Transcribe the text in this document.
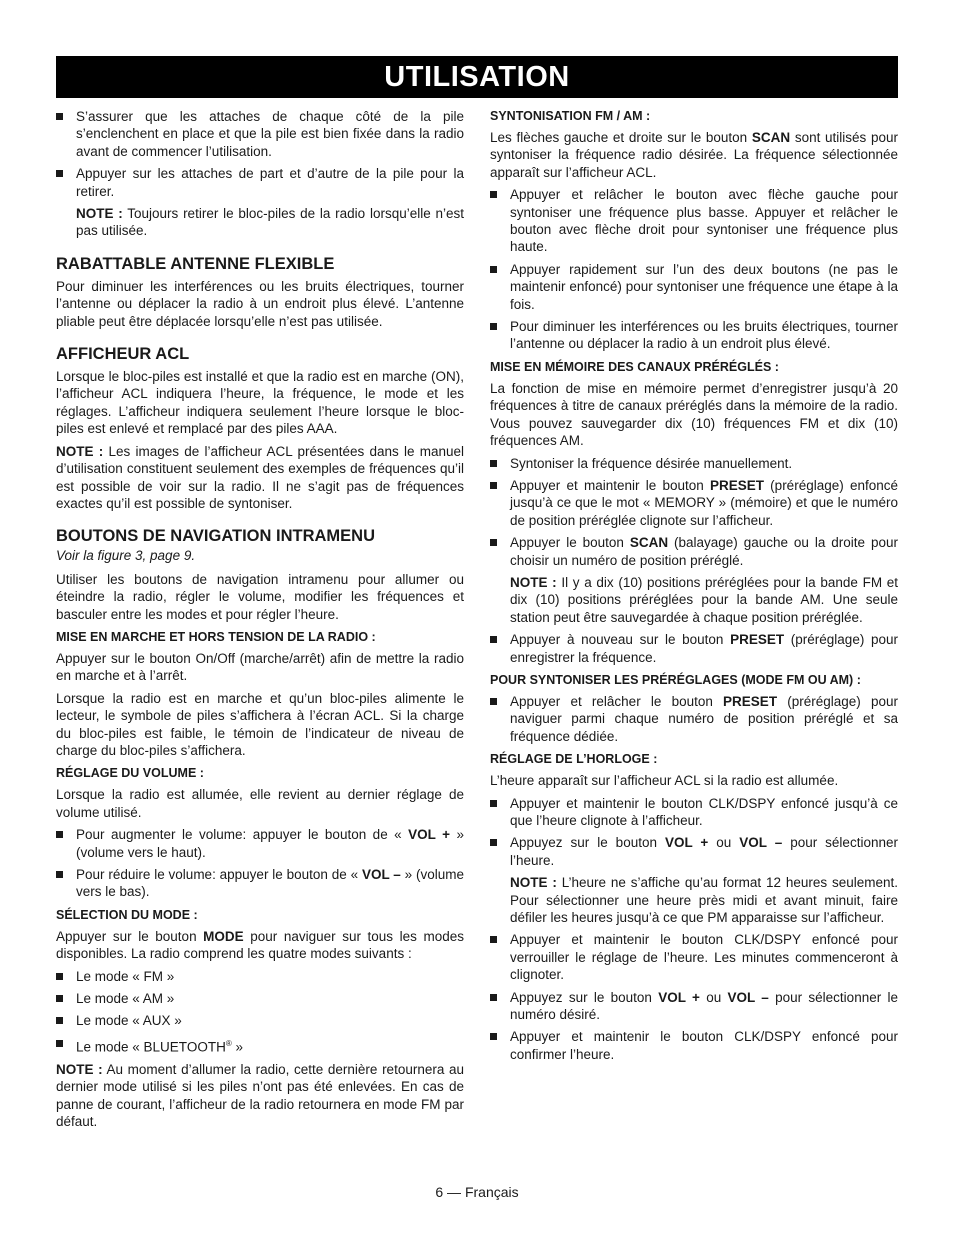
UTILISATION
S’assurer que les attaches de chaque côté de la pile s’enclenchent en place et que la pile est bien fixée dans la radio avant de commencer l’utilisation.
Appuyer sur les attaches de part et d’autre de la pile pour la retirer.

NOTE : Toujours retirer le bloc-piles de la radio lorsqu’elle n’est pas utilisée.

RABATTABLE ANTENNE FLEXIBLE

Pour diminuer les interférences ou les bruits électriques, tourner l’antenne ou déplacer la radio à un endroit plus élevé. L’antenne pliable peut être déplacée lorsqu’elle n’est pas utilisée.

AFFICHEUR ACL

Lorsque le bloc-piles est installé et que la radio est en marche (ON), l’afficheur ACL indiquera l’heure, la fréquence, le mode et les réglages. L’afficheur indiquera seulement l’heure lorsque le bloc-piles est enlevé et remplacé par des piles AAA.

NOTE : Les images de l’afficheur ACL présentées dans le manuel d’utilisation constituent seulement des exemples de fréquences qu’il est possible de voir sur la radio. Il ne s’agit pas de fréquences exactes qu’il est possible de syntoniser.

BOUTONS DE NAVIGATION INTRAMENU

Voir la figure 3, page 9.

Utiliser les boutons de navigation intramenu pour allumer ou éteindre la radio, régler le volume, modifier les fréquences et basculer entre les modes et pour régler l’heure.

MISE EN MARCHE ET HORS TENSION DE LA RADIO :

Appuyer sur le bouton On/Off (marche/arrêt) afin de mettre la radio en marche et à l’arrêt.

Lorsque la radio est en marche et qu’un bloc-piles alimente le lecteur, le symbole de piles s’affichera à l’écran ACL. Si la charge du bloc-piles est faible, le témoin de l’indicateur de niveau de charge du bloc-piles s’affichera.

RÉGLAGE DU VOLUME :

Lorsque la radio est allumée, elle revient au dernier réglage de volume utilisé.

Pour augmenter le volume: appuyer le bouton de « VOL + » (volume vers le haut).
Pour réduire le volume: appuyer le bouton de « VOL – » (volume vers le bas).
SÉLECTION DU MODE :

Appuyer sur le bouton MODE pour naviguer sur tous les modes disponibles. La radio comprend les quatre modes suivants :

Le mode « FM »
Le mode « AM »
Le mode « AUX »
Le mode « BLUETOOTH® »

NOTE : Au moment d’allumer la radio, cette dernière retournera au dernier mode utilisé si les piles n’ont pas été enlevées. En cas de panne de courant, l’afficheur de la radio retournera en mode FM par défaut.

SYNTONISATION FM / AM :

Les flèches gauche et droite sur le bouton SCAN sont utilisés pour syntoniser la fréquence radio désirée. La fréquence sélectionnée apparaît sur l’afficheur ACL.

Appuyer et relâcher le bouton avec flèche gauche pour syntoniser une fréquence plus basse. Appuyer et relâcher le bouton avec flèche droit pour syntoniser une fréquence plus haute.
Appuyer rapidement sur l’un des deux boutons (ne pas le maintenir enfoncé) pour syntoniser une fréquence une étape à la fois.
Pour diminuer les interférences ou les bruits électriques, tourner l’antenne ou déplacer la radio à un endroit plus élevé.
MISE EN MÉMOIRE DES CANAUX PRÉRÉGLÉS :

La fonction de mise en mémoire permet d’enregistrer jusqu’à 20 fréquences à titre de canaux préréglés dans la mémoire de la radio. Vous pouvez sauvegarder dix (10) fréquences FM et dix (10) fréquences AM.

Syntoniser la fréquence désirée manuellement.
Appuyer et maintenir le bouton PRESET (préréglage) enfoncé jusqu’à ce que le mot « MEMORY » (mémoire) et que le numéro de position préréglée clignote sur l’afficheur.
Appuyer le bouton SCAN (balayage) gauche ou la droite pour choisir un numéro de position préréglé.

NOTE : Il y a dix (10) positions préréglées pour la bande FM et dix (10) positions préréglées pour la bande AM. Une seule station peut être sauvegardée à chaque position préréglée.

Appuyer à nouveau sur le bouton PRESET (préréglage) pour enregistrer la fréquence.
POUR SYNTONISER LES PRÉRÉGLAGES (MODE FM OU AM) :
Appuyer et relâcher le bouton PRESET (préréglage) pour naviguer parmi chaque numéro de position préréglé et sa fréquence dédiée.
RÉGLAGE DE L’HORLOGE :

L’heure apparaît sur l’afficheur ACL si la radio est allumée.

Appuyer et maintenir le bouton CLK/DSPY enfoncé jusqu’à ce que l’heure clignote à l’afficheur.
Appuyez sur le bouton VOL + ou VOL – pour sélectionner l’heure.

NOTE : L’heure ne s’affiche qu’au format 12 heures seulement. Pour sélectionner une heure près midi et avant minuit, faire défiler les heures jusqu’à ce que PM apparaisse sur l’afficheur.

Appuyer et maintenir le bouton CLK/DSPY enfoncé pour verrouiller le réglage de l’heure. Les minutes commenceront à clignoter.
Appuyez sur le bouton VOL + ou VOL – pour sélectionner le numéro désiré.
Appuyer et maintenir le bouton CLK/DSPY enfoncé pour confirmer l’heure.
6 — Français
